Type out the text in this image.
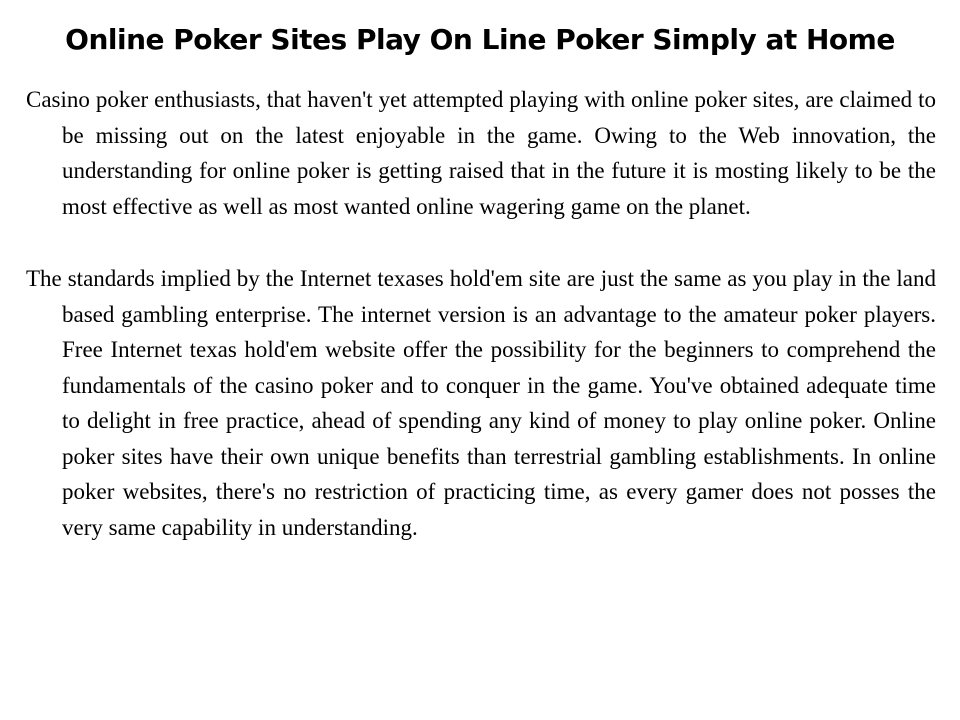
Online Poker Sites Play On Line Poker Simply at Home

Casino poker enthusiasts, that haven't yet attempted playing with online poker sites, are claimed to be missing out on the latest enjoyable in the game. Owing to the Web innovation, the understanding for online poker is getting raised that in the future it is mosting likely to be the most effective as well as most wanted online wagering game on the planet.

The standards implied by the Internet texases hold'em site are just the same as you play in the land based gambling enterprise. The internet version is an advantage to the amateur poker players. Free Internet texas hold'em website offer the possibility for the beginners to comprehend the fundamentals of the casino poker and to conquer in the game. You've obtained adequate time to delight in free practice, ahead of spending any kind of money to play online poker. Online poker sites have their own unique benefits than terrestrial gambling establishments. In online poker websites, there's no restriction of practicing time, as every gamer does not posses the very same capability in understanding.
